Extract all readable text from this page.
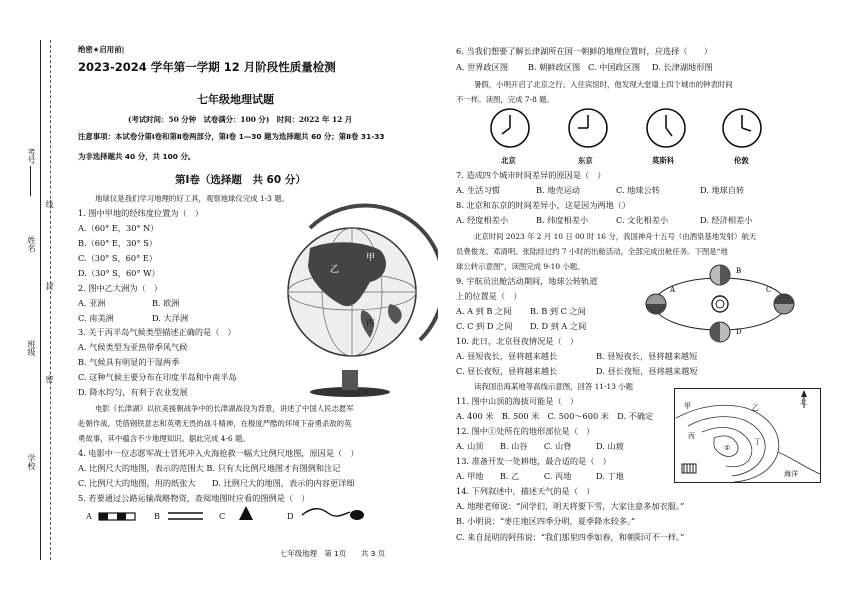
考号
线
姓名
封
班级
密
学校
绝密★启用前|
2023-2024 学年第一学期 12 月阶段性质量检测
七年级地理试题
(考试时间：50 分钟　试卷满分：100 分)　时间：2022 年 12 月
注意事项：本试卷分第Ⅰ卷和第Ⅱ卷两部分，第Ⅰ卷 1—30 题为选择题共 60 分；第Ⅱ卷 31-33
为非选择题共 40 分，共 100 分。
第Ⅰ卷（选择题　共 60 分）
地球仪是我们学习地理的好工具，观察地球仪完成 1-3 题。
1. 图中甲地的经纬度位置为（　）
A.（60° E，30° N）
B.（60° E，30° S）
C.（30° S，60° E）
D.（30° S，60° W）
2. 图中乙大洲为（　）
A. 亚洲	B. 欧洲
C. 南美洲	D. 大洋洲
3. 关于丙半岛气候类型描述正确的是（　）
A. 气候类型为亚热带季风气候
B. 气候具有明显的干湿两季
C. 这种气候主要分布在印度半岛和中南半岛
D. 降水均匀，有利于农业发展
电影《长津湖》以抗美援朝战争中的长津湖战役为背景，讲述了中国人民志愿军
赴朝作战，凭借钢铁意志和英勇无畏的战斗精神，在极度严酷的环境下奋勇杀敌的英
勇故事，其中蕴含不少地理知识。据此完成 4-6 题。
4. 电影中一位志愿军战士冒死冲入火海抢救一幅大比例尺地图，原因是（　）
A. 比例尺大的地图，表示的范围大 B. 只有大比例尺地图才有图例和注记
C. 比例尺大的地图，用的纸张大　　D. 比例尺大的地图，表示的内容更详细
5. 若要通过公路运输战略物资，查阅地图时应看的图例是（　）
A	B	C	D
甲
乙
丙
6. 当我们想要了解长津湖所在国一朝鲜的地理位置时，应选择（　　）
A. 世界政区图 B. 朝鲜政区图 C. 中国政区图 D. 长津湖地形图
暑假，小明开启了北京之行。入住宾馆时，他发现大堂墙上四个城市的钟表时间
不一样。读图，完成 7-8 题。
北京	东京	莫斯科	伦敦
7. 造成四个城市时间差异的原因是（　）
A. 生活习惯	B. 地壳运动	C. 地球公转	D. 地球自转
8. 北京和东京的时间差异小，这是因为两地（）
A. 经度相差小	B. 纬度相差小	C. 文化相差小	D. 经济相差小
北京时间 2023 年 2 月 10 日 00 时 16 分，我国神舟十五号（由酒泉基地发射）航天
员费俊龙、邓清明、张陆经过约 7 小时的出舱活动，全部完成出舱任务。下图是“地
球公转示意图”，读图完成 9-10 小题。
9. 宇航员出舱活动期间，地球公转轨道
上的位置是（　）
A. A 到 B 之间 B. B 到 C 之间
C. C 到 D 之间 D. D 到 A 之间
B
C
D
A
10. 此日，北京昼夜情况是（　）
A. 昼短夜长，昼将越来越长	B. 昼短夜长，昼将越来越短
C. 昼长夜短，昼将越来越长	D. 昼长夜短，昼将越来越短
读我国沿海某地等高线示意图，回答 11-13 小题
11. 图中山顶的海拔可能是（　）
A. 400 米　B. 500 米　C. 500～600 米　D. 不确定
12. 图中①处所在的地形部位是（　）
A. 山顶　　B. 山谷　　C. 山脊　　　D. 山坡
13. 准备开发一处耕地，最合适的是（　）
A. 甲地　　B. 乙　　　C. 丙地　　　D. 丁地
14. 下列叙述中，描述天气的是（　）
A. 地理老师说：“同学们，明天将要下雪，大家注意多加衣服。”
B. 小明说：“枣庄地区四季分明，夏季降水较多。”
C. 来自昆明的阿伟说：“我们那里四季如春，和朝阳可不一样。”
北
甲	乙
丙
丁
①
海洋
七年级地理　第 1页　　共 3 页
